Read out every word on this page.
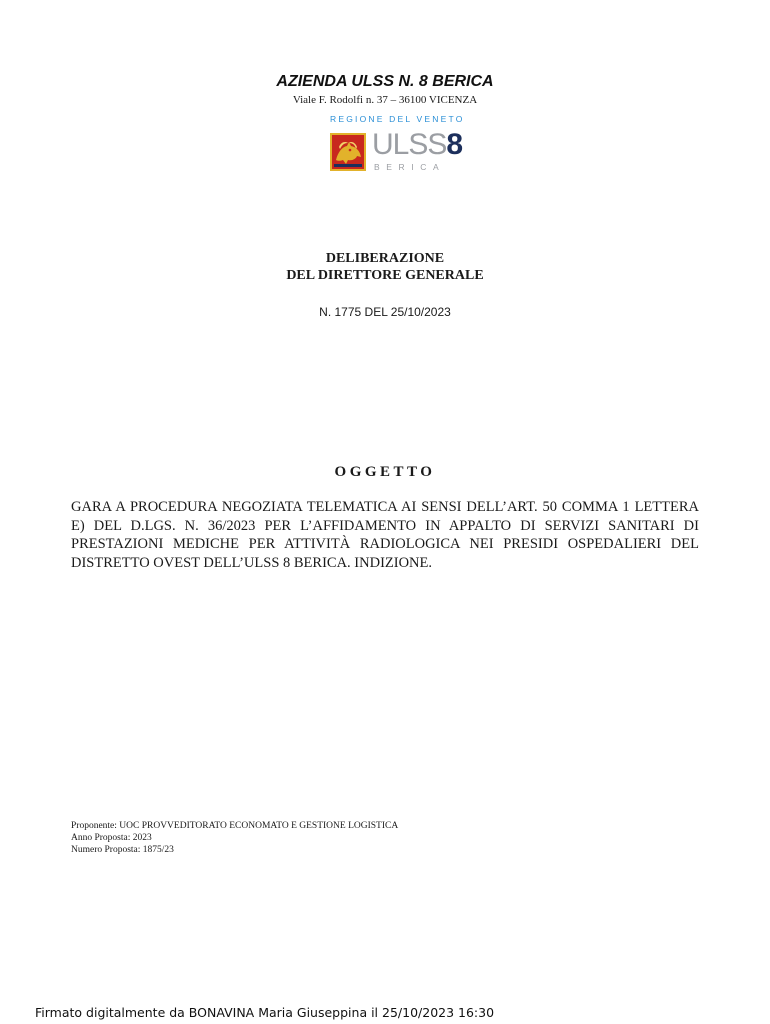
AZIENDA ULSS N. 8 BERICA
Viale F. Rodolfi n. 37 – 36100 VICENZA
REGIONE DEL VENETO
ULSS8
BERICA
DELIBERAZIONE
DEL DIRETTORE GENERALE
N. 1775 DEL 25/10/2023
OGGETTO
GARA A PROCEDURA NEGOZIATA TELEMATICA AI SENSI DELL’ART. 50 COMMA 1 LETTERA E) DEL D.LGS. N. 36/2023 PER L’AFFIDAMENTO IN APPALTO DI SERVIZI SANITARI DI PRESTAZIONI MEDICHE PER ATTIVITÀ RADIOLOGICA NEI PRESIDI OSPEDALIERI DEL DISTRETTO OVEST DELL’ULSS 8 BERICA. INDIZIONE.
Proponente: UOC PROVVEDITORATO ECONOMATO E GESTIONE LOGISTICA
Anno Proposta: 2023
Numero Proposta: 1875/23
Firmato digitalmente da BONAVINA Maria Giuseppina il 25/10/2023 16:30
